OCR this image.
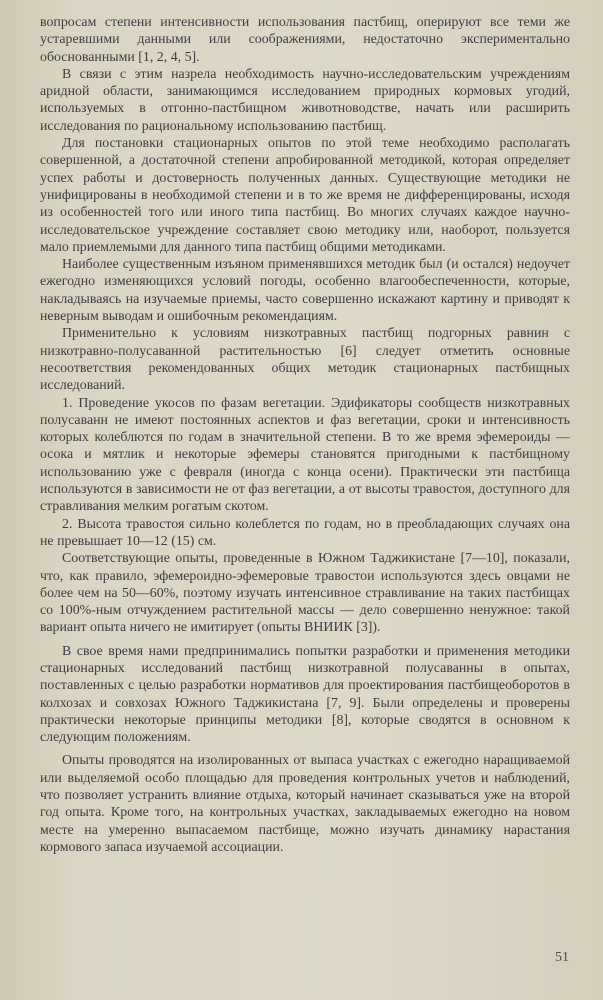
вопросам степени интенсивности использования пастбищ, оперируют все теми же устаревшими данными или соображениями, недостаточно экспериментально обоснованными [1, 2, 4, 5].

В связи с этим назрела необходимость научно-исследовательским учреждениям аридной области, занимающимся исследованием природных кормовых угодий, используемых в отгонно-пастбищном животноводстве, начать или расширить исследования по рациональному использованию пастбищ.

Для постановки стационарных опытов по этой теме необходимо располагать совершенной, а достаточной степени апробированной методикой, которая определяет успех работы и достоверность полученных данных. Существующие методики не унифицированы в необходимой степени и в то же время не дифференцированы, исходя из особенностей того или иного типа пастбищ. Во многих случаях каждое научно-исследовательское учреждение составляет свою методику или, наоборот, пользуется мало приемлемыми для данного типа пастбищ общими методиками.

Наиболее существенным изъяном применявшихся методик был (и остался) недоучет ежегодно изменяющихся условий погоды, особенно влагообеспеченности, которые, накладываясь на изучаемые приемы, часто совершенно искажают картину и приводят к неверным выводам и ошибочным рекомендациям.

Применительно к условиям низкотравных пастбищ подгорных равнин с низкотравно-полусаванной растительностью [6] следует отметить основные несоответствия рекомендованных общих методик стационарных пастбищных исследований.

1. Проведение укосов по фазам вегетации. Эдификаторы сообществ низкотравных полусаванн не имеют постоянных аспектов и фаз вегетации, сроки и интенсивность которых колеблются по годам в значительной степени. В то же время эфемероиды — осока и мятлик и некоторые эфемеры становятся пригодными к пастбищному использованию уже с февраля (иногда с конца осени). Практически эти пастбища используются в зависимости не от фаз вегетации, а от высоты травостоя, доступного для стравливания мелким рогатым скотом.

2. Высота травостоя сильно колеблется по годам, но в преобладающих случаях она не превышает 10—12 (15) см.

Соответствующие опыты, проведенные в Южном Таджикистане [7—10], показали, что, как правило, эфемероидно-эфемеровые травостои используются здесь овцами не более чем на 50—60%, поэтому изучать интенсивное стравливание на таких пастбищах со 100%-ным отчуждением растительной массы — дело совершенно ненужное: такой вариант опыта ничего не имитирует (опыты ВНИИК [3]).

В свое время нами предпринимались попытки разработки и применения методики стационарных исследований пастбищ низкотравной полусаванны в опытах, поставленных с целью разработки нормативов для проектирования пастбищеоборотов в колхозах и совхозах Южного Таджикистана [7, 9]. Были определены и проверены практически некоторые принципы методики [8], которые сводятся в основном к следующим положениям.

Опыты проводятся на изолированных от выпаса участках с ежегодно наращиваемой или выделяемой особо площадью для проведения контрольных учетов и наблюдений, что позволяет устранить влияние отдыха, который начинает сказываться уже на второй год опыта. Кроме того, на контрольных участках, закладываемых ежегодно на новом месте на умеренно выпасаемом пастбище, можно изучать динамику нарастания кормового запаса изучаемой ассоциации.

51
